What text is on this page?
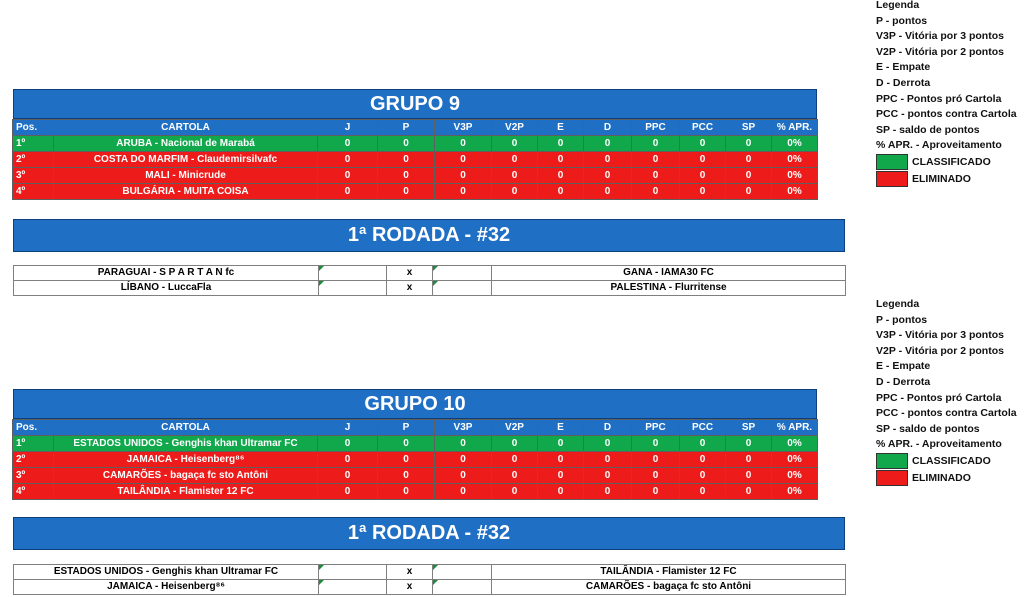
GRUPO 9
Pos.	CARTOLA	J	P	V3P	V2P	E	D	PPC	PCC	SP	% APR.
1º	ARUBA - Nacional de Marabá	0	0	0	0	0	0	0	0	0	0%
2º	COSTA DO MARFIM - Claudemirsilvafc	0	0	0	0	0	0	0	0	0	0%
3º	MALI - Minicrude	0	0	0	0	0	0	0	0	0	0%
4º	BULGÁRIA - MUITA COISA	0	0	0	0	0	0	0	0	0	0%
1ª RODADA - #32
PARAGUAI - S P A R T A N fc		x		GANA - IAMA30 FC
LÍBANO - LuccaFla		x		PALESTINA - Flurritense
GRUPO 10
Pos.	CARTOLA	J	P	V3P	V2P	E	D	PPC	PCC	SP	% APR.
1º	ESTADOS UNIDOS - Genghis khan Ultramar FC	0	0	0	0	0	0	0	0	0	0%
2º	JAMAICA - Heisenberg⁸⁶	0	0	0	0	0	0	0	0	0	0%
3º	CAMARÕES - bagaça fc sto Antôni	0	0	0	0	0	0	0	0	0	0%
4º	TAILÂNDIA - Flamister 12 FC	0	0	0	0	0	0	0	0	0	0%
1ª RODADA - #32
ESTADOS UNIDOS - Genghis khan Ultramar FC		x		TAILÂNDIA - Flamister 12 FC
JAMAICA - Heisenberg⁸⁶		x		CAMARÕES - bagaça fc sto Antôni
Legenda
P - pontos
V3P - Vitória por 3 pontos
V2P - Vitória por 2 pontos
E - Empate
D - Derrota
PPC - Pontos pró Cartola
PCC - pontos contra Cartola
SP - saldo de pontos
% APR. - Aproveitamento
CLASSIFICADO
ELIMINADO
Legenda
P - pontos
V3P - Vitória por 3 pontos
V2P - Vitória por 2 pontos
E - Empate
D - Derrota
PPC - Pontos pró Cartola
PCC - pontos contra Cartola
SP - saldo de pontos
% APR. - Aproveitamento
CLASSIFICADO
ELIMINADO
